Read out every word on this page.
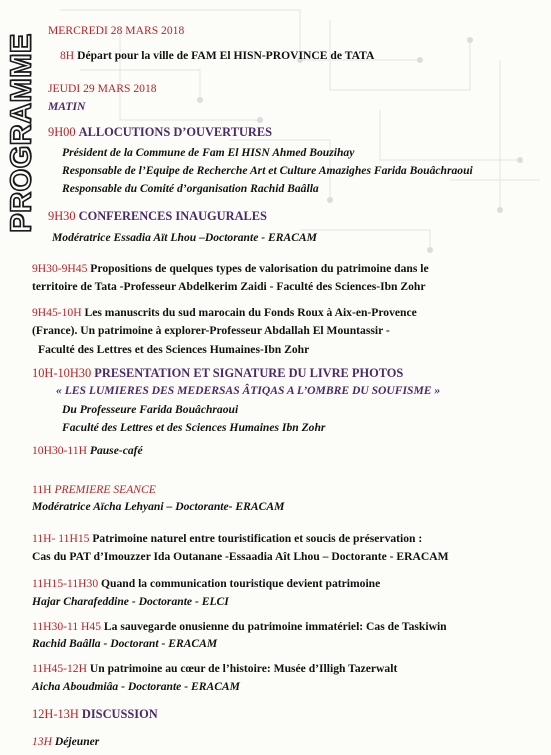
PROGRAMME
MERCREDI 28 MARS 2018
8H Départ pour la ville de FAM El HISN-PROVINCE de TATA
JEUDI 29 MARS 2018
MATIN
9H00 ALLOCUTIONS D’OUVERTURES
Président de la Commune de Fam El HISN Ahmed Bouzihay
Responsable de l’Equipe de Recherche Art et Culture Amazighes Farida Bouâchraoui
Responsable du Comité d’organisation Rachid Baâlla
9H30 CONFERENCES INAUGURALES
Modératrice Essadia Aït Lhou –Doctorante - ERACAM
9H30-9H45 Propositions de quelques types de valorisation du patrimoine dans le
territoire de Tata -Professeur Abdelkerim Zaidi - Faculté des Sciences-Ibn Zohr
9H45-10H Les manuscrits du sud marocain du Fonds Roux à Aix-en-Provence
(France). Un patrimoine à explorer-Professeur Abdallah El Mountassir -
Faculté des Lettres et des Sciences Humaines-Ibn Zohr
10H-10H30 PRESENTATION ET SIGNATURE DU LIVRE PHOTOS
« LES LUMIERES DES MEDERSAS ÂTIQAS A L’OMBRE DU SOUFISME »
Du Professeure Farida Bouâchraoui
Faculté des Lettres et des Sciences Humaines Ibn Zohr
10H30-11H Pause-café
11H PREMIERE SEANCE
Modératrice Aïcha Lehyani – Doctorante- ERACAM
11H- 11H15 Patrimoine naturel entre touristification et soucis de préservation :
Cas du PAT d’Imouzzer Ida Outanane -Essaadia Aît Lhou – Doctorante - ERACAM
11H15-11H30 Quand la communication touristique devient patrimoine
Hajar Charafeddine - Doctorante - ELCI
11H30-11 H45 La sauvegarde onusienne du patrimoine immatériel: Cas de Taskiwin
Rachid Baâlla - Doctorant - ERACAM
11H45-12H Un patrimoine au cœur de l’histoire: Musée d’Illigh Tazerwalt
Aicha Aboudmiâa - Doctorante - ERACAM
12H-13H DISCUSSION
13H Déjeuner
